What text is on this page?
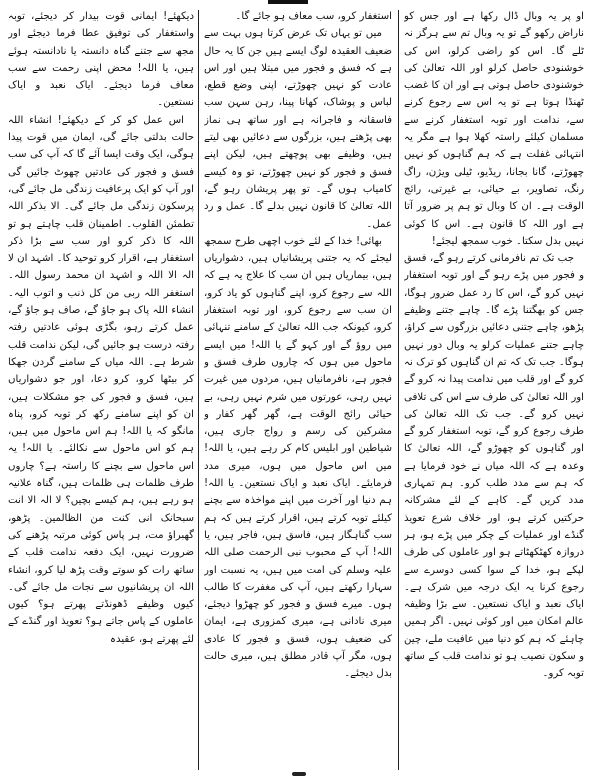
او پر یہ وبال ڈال رکھا ہے اور جس کو ناراض رکھو گے تو یہ وبال تم سے ہرگز نہ ٹلے گا۔ اس کو راضی کرلو، اس کی خوشنودی حاصل کرلو اور اللہ تعالیٰ کی خوشنودی حاصل ہوتی ہے اور ان کا غضب ٹھنڈا ہوتا ہے تو یہ اس سے رجوع کرنے سے، ندامت اور توبہ استغفار کرنے سے مسلمان کیلئے راستہ کھلا ہوا ہے مگر یہ انتہائی غفلت ہے کہ ہم گناہوں کو نہیں چھوڑتے، گانا بجانا، ریڈیو، ٹیلی ویژن، راگ رنگ، تصاویر، بے حیائی، بے غیرتی، رائج الوقت ہے۔ ان کا وبال تو ہم پر ضرور آتا ہے اور اللہ کا قانون ہے۔ اس کا کوئی نہیں بدل سکتا۔ خوب سمجھ لیجئے!

جب تک تم نافرمانی کرتے رہو گے، فسق و فجور میں پڑے رہو گے اور توبہ استغفار نہیں کرو گے، اس کا رد عمل ضرور ہوگا، جس کو بھگتنا پڑے گا۔ چاہے جتنے وظیفے پڑھو، چاہے جتنی دعائیں بزرگوں سے کراؤ، چاہے جتنے عملیات کرلو یہ وبال دور نہیں ہوگا۔ جب تک کہ تم ان گناہوں کو ترک نہ کرو گے اور قلب میں ندامت پیدا نہ کرو گے اور اللہ تعالیٰ کی طرف سے اس کی تلافی نہیں کرو گے۔ جب تک اللہ تعالیٰ کی طرف رجوع کرو گے، توبہ استغفار کرو گے اور گناہوں کو چھوڑو گے، اللہ تعالیٰ کا وعدہ ہے کہ اللہ میاں نے خود فرمایا ہے کہ ہم سے مدد طلب کرو۔ ہم تمہاری مدد کریں گے۔ کاہے کے لئے مشرکانہ حرکتیں کرتے ہو، اور خلاف شرع تعویذ گنڈے اور عملیات کے چکر میں پڑے ہو، ہر دروازہ کھٹکھٹاتے ہو اور عاملوں کی طرف لپکے ہو، خدا کے سوا کسی دوسرے سے رجوع کرنا یہ ایک درجہ میں شرک ہے۔ ایاک نعبد و ایاک نستعین۔ سے بڑا وظیفہ عالم امکان میں اور کوئی نہیں۔ اگر ہمیں چاہئے کہ ہم کو دنیا میں عافیت ملے، چین و سکون نصیب ہو تو ندامت قلب کے ساتھ توبہ کرو۔

استغفار کرو، سب معاف ہو جائے گا۔

میں تو یہاں تک عرض کرتا ہوں بہت سے ضعیف العقیدہ لوگ ایسے ہیں جن کا یہ حال ہے کہ فسق و فجور میں مبتلا ہیں اور اس عادت کو نہیں چھوڑتے، اپنی وضع قطع، لباس و پوشاک، کھانا پینا، رہن سہن سب فاسقانہ و فاجرانہ ہے اور ساتھ ہی نماز بھی پڑھتے ہیں، بزرگوں سے دعائیں بھی لیتے ہیں، وظیفے بھی پوچھتے ہیں، لیکن اپنے فسق و فجور کو نہیں چھوڑتے، تو وہ کیسے کامیاب ہوں گے۔ تو پھر پریشان رہو گے، اللہ تعالیٰ کا قانون نہیں بدلے گا۔ عمل و رد عمل۔

بھائی! خدا کے لئے خوب اچھی طرح سمجھ لیجئے کہ یہ جتنی پریشانیاں ہیں، دشواریاں ہیں، بیماریاں ہیں ان سب کا علاج یہ ہے کہ اللہ سے رجوع کرو، اپنے گناہوں کو یاد کرو، ان سب سے رجوع کرو، اور توبہ استغفار کرو، کیونکہ جب اللہ تعالیٰ کے سامنے تنہائی میں روؤ گے اور کہو گے یا اللہ! میں ایسے ماحول میں ہوں کہ چاروں طرف فسق و فجور ہے، نافرمانیاں ہیں، مردوں میں غیرت نہیں رہی، عورتوں میں شرم نہیں رہی، بے حیائی رائج الوقت ہے، گھر گھر کفار و مشرکین کی رسم و رواج جاری ہیں، شیاطین اور ابلیس کام کر رہے ہیں، یا اللہ! میں اس ماحول میں ہوں، میری مدد فرمایئے۔ ایاک نعبد و ایاک نستعین۔ یا اللہ! ہم دنیا اور آخرت میں اپنے مواخذہ سے بچنے کیلئے توبہ کرتے ہیں، اقرار کرتے ہیں کہ ہم سب گناہگار ہیں، فاسق ہیں، فاجر ہیں، یا اللہ! آپ کے محبوب نبی الرحمت صلی اللہ علیہ وسلم کی امت میں ہیں، یہ نسبت اور سہارا رکھتے ہیں، آپ کی مغفرت کا طالب ہوں۔ میرے فسق و فجور کو چھڑوا دیجئے، میری نادانی ہے، میری کمزوری ہے، ایمان کی ضعیف ہوں، فسق و فجور کا عادی ہوں، مگر آپ قادر مطلق ہیں، میری حالت بدل دیجئے۔

دیکھئے! ایمانی قوت بیدار کر دیجئے، توبہ واستغفار کی توفیق عطا فرما دیجئے اور مجھ سے جتنے گناہ دانستہ یا نادانستہ ہوئے ہیں، یا اللہ! محض اپنی رحمت سے سب معاف فرما دیجئے۔ ایاک نعبد و ایاک نستعین۔

اس عمل کو کر کے دیکھئے! انشاء اللہ حالت بدلتی جائے گی، ایمان میں قوت پیدا ہوگی، ایک وقت ایسا آئے گا کہ آپ کی سب فسق و فجور کی عادتیں چھوٹ جائیں گی اور آپ کو ایک پرعافیت زندگی مل جائے گی، پرسکون زندگی مل جائے گی۔ الا بذکر اللہ تطمئن القلوب۔ اطمینان قلب چاہتے ہو تو اللہ کا ذکر کرو اور سب سے بڑا ذکر استغفار ہے، اقرار کرو توحید کا۔ اشہد ان لا الہ الا اللہ و اشہد ان محمد رسول اللہ۔ استغفر اللہ ربی من کل ذنب و اتوب الیہ۔ انشاء اللہ پاک ہو جاؤ گے، صاف ہو جاؤ گے، عمل کرتے رہو، بگڑی ہوئی عادتیں رفتہ رفتہ درست ہو جائیں گی، لیکن ندامت قلب شرط ہے۔ اللہ میاں کے سامنے گردن جھکا کر بیٹھا کرو، کرو دعا، اور جو دشواریاں ہیں، فسق و فجور کی جو مشکلات ہیں، ان کو اپنے سامنے رکھ کر توبہ کرو، پناہ مانگو کہ یا اللہ! ہم اس ماحول میں ہیں، ہم کو اس ماحول سے نکالئے۔ یا اللہ! یہ اس ماحول سے بچنے کا راستہ ہے؟ چاروں طرف ظلمات ہی ظلمات ہیں، گناہ علانیہ ہو رہے ہیں، ہم کیسے بچیں؟ لا الہ الا انت سبحانک انی کنت من الظالمین۔ پڑھو، گھبراؤ مت، ہر پاس کوئی مرتبہ پڑھنے کی ضرورت نہیں، ایک دفعہ ندامت قلب کے ساتھ رات کو سوتے وقت پڑھ لیا کرو، انشاء اللہ ان پریشانیوں سے نجات مل جائے گی۔ کیوں وظیفے ڈھونڈتے پھرتے ہو؟ کیوں عاملوں کے پاس جاتے ہو؟ تعویذ اور گنڈے کے لئے پھرتے ہو، عقیدہ
